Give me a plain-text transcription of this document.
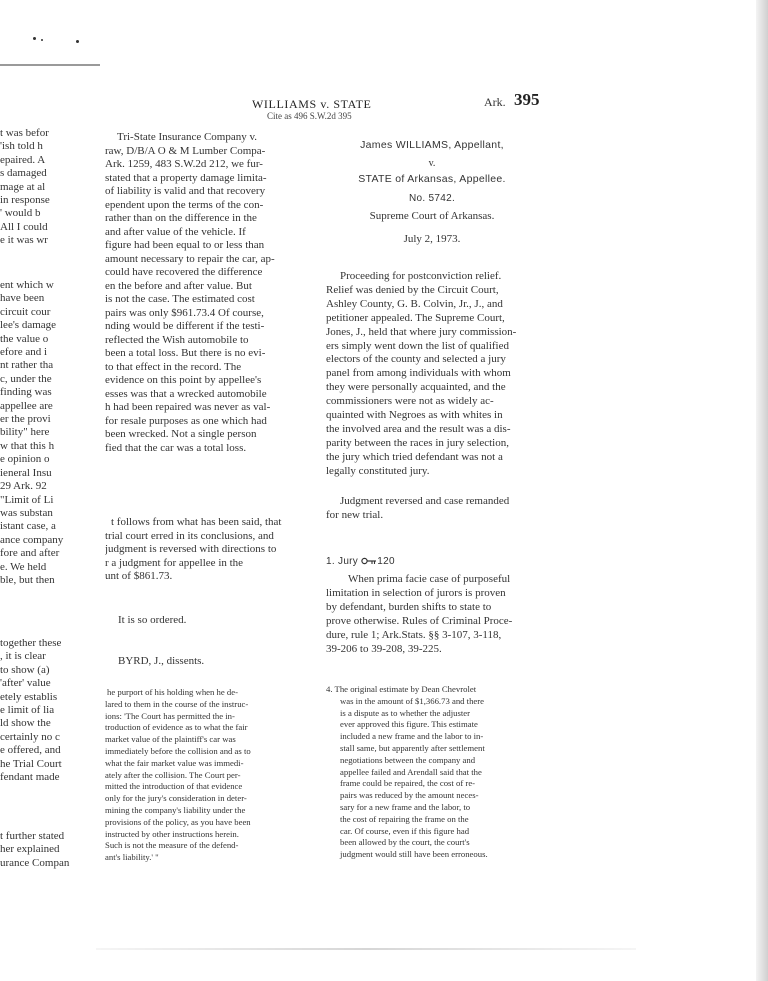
t was befor
'ish told h
epaired. A
s damaged
mage at al
in response
' would b
All I could
e it was wr
ent which w
have been
circuit cour
lee's damage
the value o
efore and i
nt rather tha
c, under the
finding was
appellee are
er the provi
bility" here
w that this h
e opinion o
ieneral Insu
29 Ark. 92
"Limit of Li
was substan
istant case, a
ance company
fore and after
e. We held
ble, but then
together these
, it is clear
to show (a)
'after' value
etely establis
e limit of lia
ld show the
certainly no c
e offered, and
he Trial Court
fendant made
t further stated
her explained
urance Compan
WILLIAMS v. STATE
Cite as 496 S.W.2d 395
Ark. 395
Tri-State Insurance Company v.
raw, D/B/A O & M Lumber Compa-
Ark. 1259, 483 S.W.2d 212, we fur-
stated that a property damage limita-
of liability is valid and that recovery
ependent upon the terms of the con-
rather than on the difference in the
and after value of the vehicle. If
figure had been equal to or less than
amount necessary to repair the car, ap-
could have recovered the difference
en the before and after value. But
is not the case. The estimated cost
pairs was only $961.73.4 Of course,
nding would be different if the testi-
reflected the Wish automobile to
been a total loss. But there is no evi-
to that effect in the record. The
evidence on this point by appellee's
esses was that a wrecked automobile
h had been repaired was never as val-
for resale purposes as one which had
been wrecked. Not a single person
fied that the car was a total loss.
t follows from what has been said, that
trial court erred in its conclusions, and
judgment is reversed with directions to
r a judgment for appellee in the
unt of $861.73.
It is so ordered.
BYRD, J., dissents.
he purport of his holding when he de-
lared to them in the course of the instruc-
ions: 'The Court has permitted the in-
troduction of evidence as to what the fair
market value of the plaintiff's car was
immediately before the collision and as to
what the fair market value was immedi-
ately after the collision. The Court per-
mitted the introduction of that evidence
only for the jury's consideration in deter-
mining the company's liability under the
provisions of the policy, as you have been
instructed by other instructions herein.
Such is not the measure of the defend-
ant's liability.' "
James WILLIAMS, Appellant,
v.
STATE of Arkansas, Appellee.
No. 5742.
Supreme Court of Arkansas.
July 2, 1973.
Proceeding for postconviction relief.
Relief was denied by the Circuit Court,
Ashley County, G. B. Colvin, Jr., J., and
petitioner appealed. The Supreme Court,
Jones, J., held that where jury commission-
ers simply went down the list of qualified
electors of the county and selected a jury
panel from among individuals with whom
they were personally acquainted, and the
commissioners were not as widely ac-
quainted with Negroes as with whites in
the involved area and the result was a dis-
parity between the races in jury selection,
the jury which tried defendant was not a
legally constituted jury.
Judgment reversed and case remanded
for new trial.
1. Jury 120
When prima facie case of purposeful
limitation in selection of jurors is proven
by defendant, burden shifts to state to
prove otherwise. Rules of Criminal Proce-
dure, rule 1; Ark.Stats. §§ 3-107, 3-118,
39-206 to 39-208, 39-225.
4. The original estimate by Dean Chevrolet
was in the amount of $1,366.73 and there
is a dispute as to whether the adjuster
ever approved this figure. This estimate
included a new frame and the labor to in-
stall same, but apparently after settlement
negotiations between the company and
appellee failed and Arendall said that the
frame could be repaired, the cost of re-
pairs was reduced by the amount neces-
sary for a new frame and the labor, to
the cost of repairing the frame on the
car. Of course, even if this figure had
been allowed by the court, the court's
judgment would still have been erroneous.
